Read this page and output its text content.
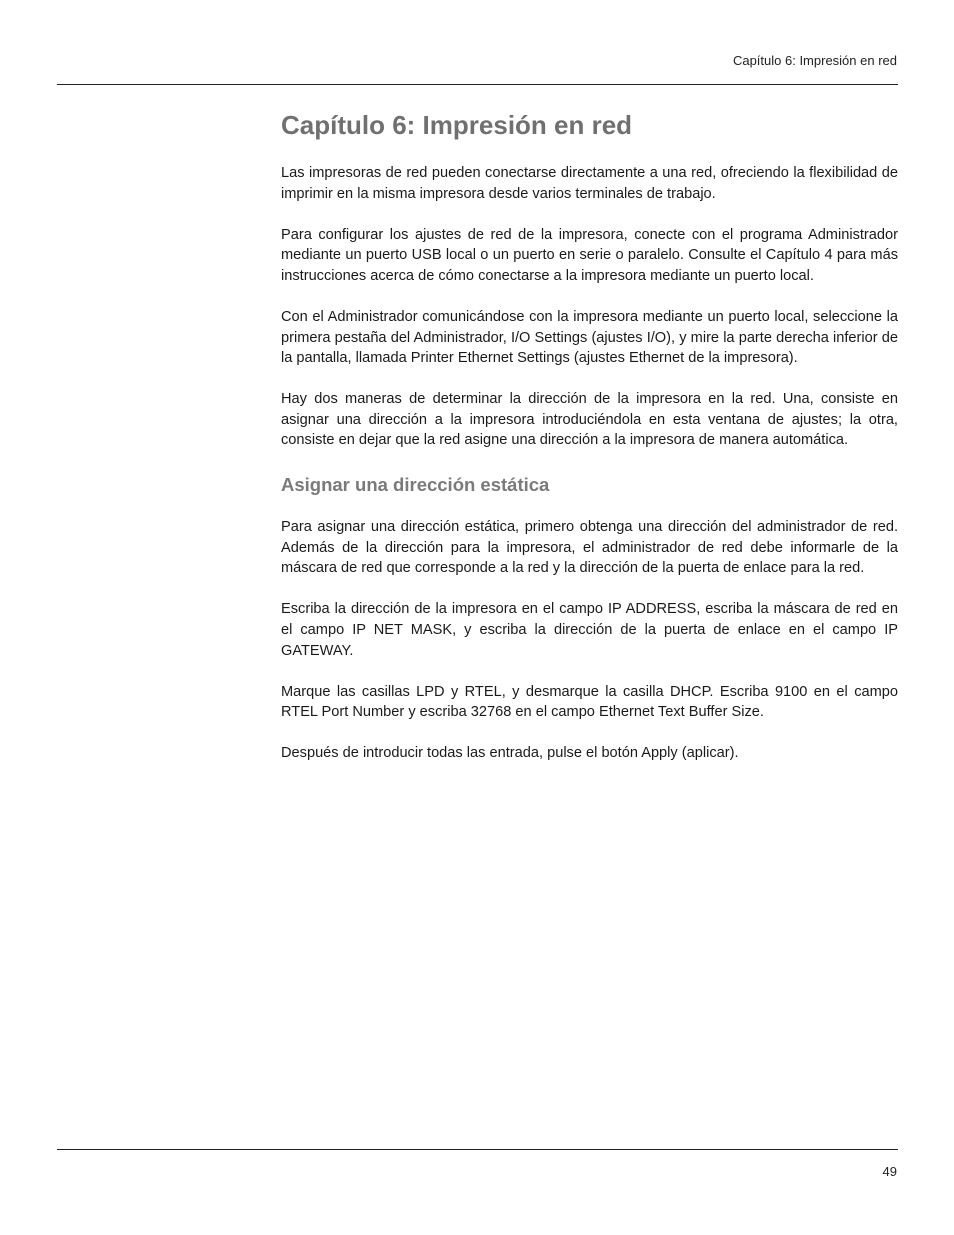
Capítulo 6: Impresión en red
Capítulo 6: Impresión en red

Las impresoras de red pueden conectarse directamente a una red, ofreciendo la flexibilidad de imprimir en la misma impresora desde varios terminales de trabajo.

Para configurar los ajustes de red de la impresora, conecte con el programa Administrador mediante un puerto USB local o un puerto en serie o paralelo. Consulte el Capítulo 4 para más instrucciones acerca de cómo conectarse a la impresora mediante un puerto local.

Con el Administrador comunicándose con la impresora mediante un puerto local, seleccione la primera pestaña del Administrador, I/O Settings (ajustes I/O), y mire la parte derecha inferior de la pantalla, llamada Printer Ethernet Settings (ajustes Ethernet de la impresora).

Hay dos maneras de determinar la dirección de la impresora en la red. Una, consiste en asignar una dirección a la impresora introduciéndola en esta ventana de ajustes; la otra, consiste en dejar que la red asigne una dirección a la impresora de manera automática.

Asignar una dirección estática

Para asignar una dirección estática, primero obtenga una dirección del administrador de red. Además de la dirección para la impresora, el administrador de red debe informarle de la máscara de red que corresponde a la red y la dirección de la puerta de enlace para la red.

Escriba la dirección de la impresora en el campo IP ADDRESS, escriba la máscara de red en el campo IP NET MASK, y escriba la dirección de la puerta de enlace en el campo IP GATEWAY.

Marque las casillas LPD y RTEL, y desmarque la casilla DHCP. Escriba 9100 en el campo RTEL Port Number y escriba 32768 en el campo Ethernet Text Buffer Size.

Después de introducir todas las entrada, pulse el botón Apply (aplicar).

49
